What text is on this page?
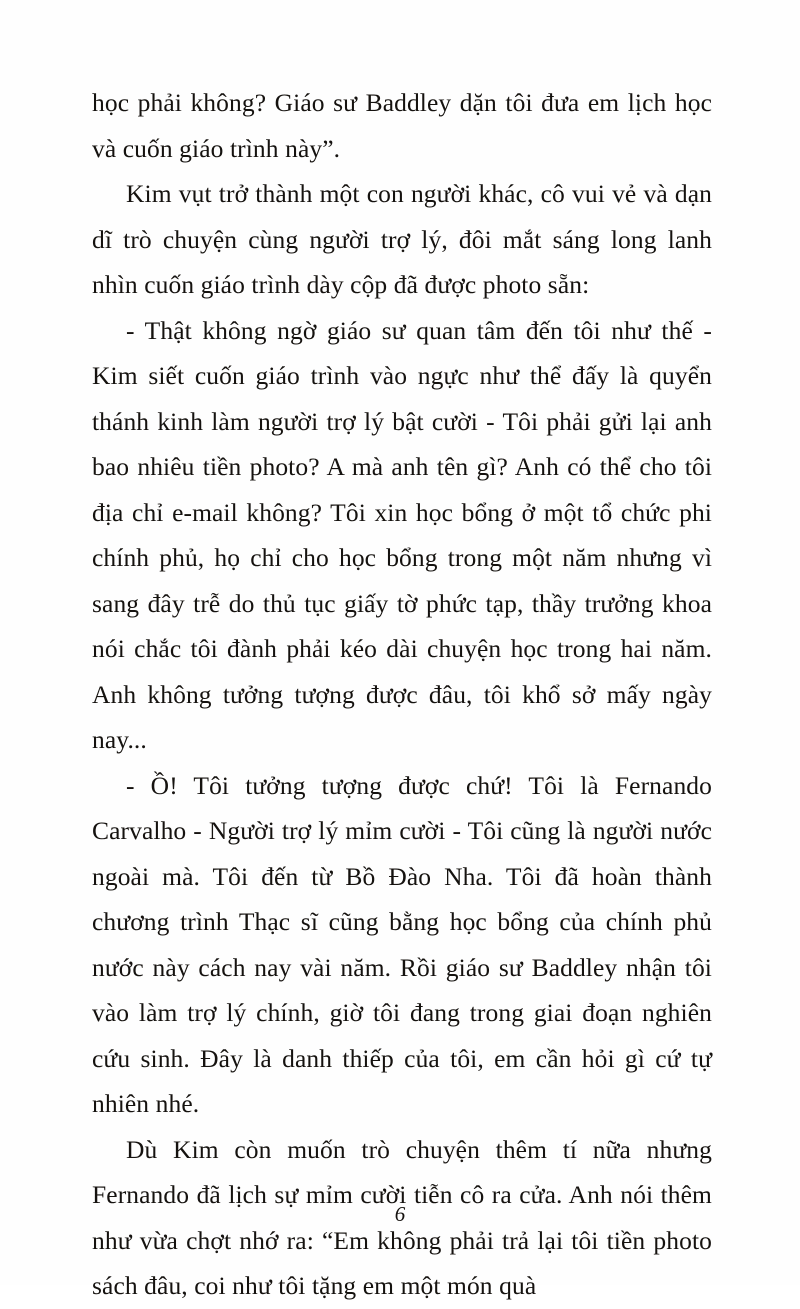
học phải không? Giáo sư Baddley dặn tôi đưa em lịch học và cuốn giáo trình này”.

Kim vụt trở thành một con người khác, cô vui vẻ và dạn dĩ trò chuyện cùng người trợ lý, đôi mắt sáng long lanh nhìn cuốn giáo trình dày cộp đã được photo sẵn:

- Thật không ngờ giáo sư quan tâm đến tôi như thế - Kim siết cuốn giáo trình vào ngực như thể đấy là quyển thánh kinh làm người trợ lý bật cười - Tôi phải gửi lại anh bao nhiêu tiền photo? A mà anh tên gì? Anh có thể cho tôi địa chỉ e-mail không? Tôi xin học bổng ở một tổ chức phi chính phủ, họ chỉ cho học bổng trong một năm nhưng vì sang đây trễ do thủ tục giấy tờ phức tạp, thầy trưởng khoa nói chắc tôi đành phải kéo dài chuyện học trong hai năm. Anh không tưởng tượng được đâu, tôi khổ sở mấy ngày nay...

- Ồ! Tôi tưởng tượng được chứ! Tôi là Fernando Carvalho - Người trợ lý mỉm cười - Tôi cũng là người nước ngoài mà. Tôi đến từ Bồ Đào Nha. Tôi đã hoàn thành chương trình Thạc sĩ cũng bằng học bổng của chính phủ nước này cách nay vài năm. Rồi giáo sư Baddley nhận tôi vào làm trợ lý chính, giờ tôi đang trong giai đoạn nghiên cứu sinh. Đây là danh thiếp của tôi, em cần hỏi gì cứ tự nhiên nhé.

Dù Kim còn muốn trò chuyện thêm tí nữa nhưng Fernando đã lịch sự mỉm cười tiễn cô ra cửa. Anh nói thêm như vừa chợt nhớ ra: “Em không phải trả lại tôi tiền photo sách đâu, coi như tôi tặng em một món quà

6
